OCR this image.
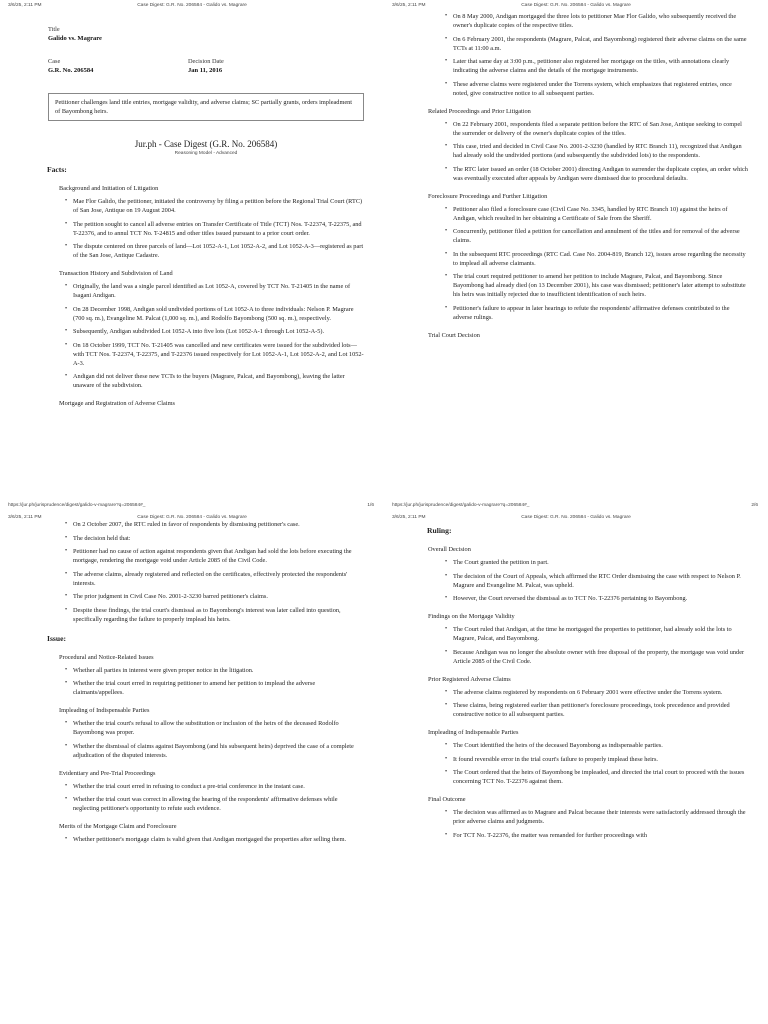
3/6/25, 2:11 PM	Case Digest: G.R. No. 206584 - Galido vs. Magrare
Title
Galido vs. Magrare
Case
G.R. No. 206584
Decision Date
Jan 11, 2016
Petitioner challenges land title entries, mortgage validity, and adverse claims; SC partially grants, orders impleadment of Bayombong heirs.
Jur.ph - Case Digest (G.R. No. 206584)
Reasoning Model - Advanced
Facts:
Background and Initiation of Litigation
• Mae Flor Galido, the petitioner, initiated the controversy by filing a petition before the Regional Trial Court (RTC) of San Jose, Antique on 19 August 2004.
• The petition sought to cancel all adverse entries on Transfer Certificate of Title (TCT) Nos. T-22374, T-22375, and T-22376, and to annul TCT No. T-24815 and other titles issued pursuant to a prior court order.
• The dispute centered on three parcels of land—Lot 1052-A-1, Lot 1052-A-2, and Lot 1052-A-3—registered as part of the San Jose, Antique Cadastre.
Transaction History and Subdivision of Land
• Originally, the land was a single parcel identified as Lot 1052-A, covered by TCT No. T-21405 in the name of Isagani Andigan.
• On 28 December 1998, Andigan sold undivided portions of Lot 1052-A to three individuals: Nelson P. Magrare (700 sq. m.), Evangeline M. Palcat (1,000 sq. m.), and Rodolfo Bayombong (500 sq. m.), respectively.
• Subsequently, Andigan subdivided Lot 1052-A into five lots (Lot 1052-A-1 through Lot 1052-A-5).
• On 18 October 1999, TCT No. T-21405 was cancelled and new certificates were issued for the subdivided lots—with TCT Nos. T-22374, T-22375, and T-22376 issued respectively for Lot 1052-A-1, Lot 1052-A-2, and Lot 1052-A-3.
• Andigan did not deliver these new TCTs to the buyers (Magrare, Palcat, and Bayombong), leaving the latter unaware of the subdivision.
Mortgage and Registration of Adverse Claims
https://jur.ph/jurisprudence/digest/galido-v-magrare?q=206584#_	1/6
3/6/25, 2:11 PM	Case Digest: G.R. No. 206584 - Galido vs. Magrare
• On 8 May 2000, Andigan mortgaged the three lots to petitioner Mae Flor Galido, who subsequently received the owner's duplicate copies of the respective titles.
• On 6 February 2001, the respondents (Magrare, Palcat, and Bayombong) registered their adverse claims on the same TCTs at 11:00 a.m.
• Later that same day at 3:00 p.m., petitioner also registered her mortgage on the titles, with annotations clearly indicating the adverse claims and the details of the mortgage instruments.
• These adverse claims were registered under the Torrens system, which emphasizes that registered entries, once noted, give constructive notice to all subsequent parties.
Related Proceedings and Prior Litigation
• On 22 February 2001, respondents filed a separate petition before the RTC of San Jose, Antique seeking to compel the surrender or delivery of the owner's duplicate copies of the titles.
• This case, tried and decided in Civil Case No. 2001-2-3230 (handled by RTC Branch 11), recognized that Andigan had already sold the undivided portions (and subsequently the subdivided lots) to the respondents.
• The RTC later issued an order (18 October 2001) directing Andigan to surrender the duplicate copies, an order which was eventually executed after appeals by Andigan were dismissed due to procedural defaults.
Foreclosure Proceedings and Further Litigation
• Petitioner also filed a foreclosure case (Civil Case No. 3345, handled by RTC Branch 10) against the heirs of Andigan, which resulted in her obtaining a Certificate of Sale from the Sheriff.
• Concurrently, petitioner filed a petition for cancellation and annulment of the titles and for removal of the adverse claims.
• In the subsequent RTC proceedings (RTC Cad. Case No. 2004-819, Branch 12), issues arose regarding the necessity to implead all adverse claimants.
• The trial court required petitioner to amend her petition to include Magrare, Palcat, and Bayombong. Since Bayombong had already died (on 13 December 2001), his case was dismissed; petitioner's later attempt to substitute his heirs was initially rejected due to insufficient identification of such heirs.
• Petitioner's failure to appear in later hearings to refute the respondents' affirmative defenses contributed to the adverse rulings.
Trial Court Decision
https://jur.ph/jurisprudence/digest/galido-v-magrare?q=206584#_	2/6
3/6/25, 2:11 PM	Case Digest: G.R. No. 206584 - Galido vs. Magrare
• On 2 October 2007, the RTC ruled in favor of respondents by dismissing petitioner's case.
• The decision held that:
• Petitioner had no cause of action against respondents given that Andigan had sold the lots before executing the mortgage, rendering the mortgage void under Article 2085 of the Civil Code.
• The adverse claims, already registered and reflected on the certificates, effectively protected the respondents' interests.
• The prior judgment in Civil Case No. 2001-2-3230 barred petitioner's claims.
• Despite these findings, the trial court's dismissal as to Bayombong's interest was later called into question, specifically regarding the failure to properly implead his heirs.
Issue:
Procedural and Notice-Related Issues
• Whether all parties in interest were given proper notice in the litigation.
• Whether the trial court erred in requiring petitioner to amend her petition to implead the adverse claimants/appellees.
Impleading of Indispensable Parties
• Whether the trial court's refusal to allow the substitution or inclusion of the heirs of the deceased Rodolfo Bayombong was proper.
• Whether the dismissal of claims against Bayombong (and his subsequent heirs) deprived the case of a complete adjudication of the disputed interests.
Evidentiary and Pre-Trial Proceedings
• Whether the trial court erred in refusing to conduct a pre-trial conference in the instant case.
• Whether the trial court was correct in allowing the hearing of the respondents' affirmative defenses while neglecting petitioner's opportunity to refute such evidence.
Merits of the Mortgage Claim and Foreclosure
• Whether petitioner's mortgage claim is valid given that Andigan mortgaged the properties after selling them.
3/6/25, 2:11 PM	Case Digest: G.R. No. 206584 - Galido vs. Magrare
Ruling:
Overall Decision
• The Court granted the petition in part.
• The decision of the Court of Appeals, which affirmed the RTC Order dismissing the case with respect to Nelson P. Magrare and Evangeline M. Palcat, was upheld.
• However, the Court reversed the dismissal as to TCT No. T-22376 pertaining to Bayombong.
Findings on the Mortgage Validity
• The Court ruled that Andigan, at the time he mortgaged the properties to petitioner, had already sold the lots to Magrare, Palcat, and Bayombong.
• Because Andigan was no longer the absolute owner with free disposal of the property, the mortgage was void under Article 2085 of the Civil Code.
Prior Registered Adverse Claims
• The adverse claims registered by respondents on 6 February 2001 were effective under the Torrens system.
• These claims, being registered earlier than petitioner's foreclosure proceedings, took precedence and provided constructive notice to all subsequent parties.
Impleading of Indispensable Parties
• The Court identified the heirs of the deceased Bayombong as indispensable parties.
• It found reversible error in the trial court's failure to properly implead these heirs.
• The Court ordered that the heirs of Bayombong be impleaded, and directed the trial court to proceed with the issues concerning TCT No. T-22376 against them.
Final Outcome
• The decision was affirmed as to Magrare and Palcat because their interests were satisfactorily addressed through the prior adverse claims and judgments.
• For TCT No. T-22376, the matter was remanded for further proceedings with
